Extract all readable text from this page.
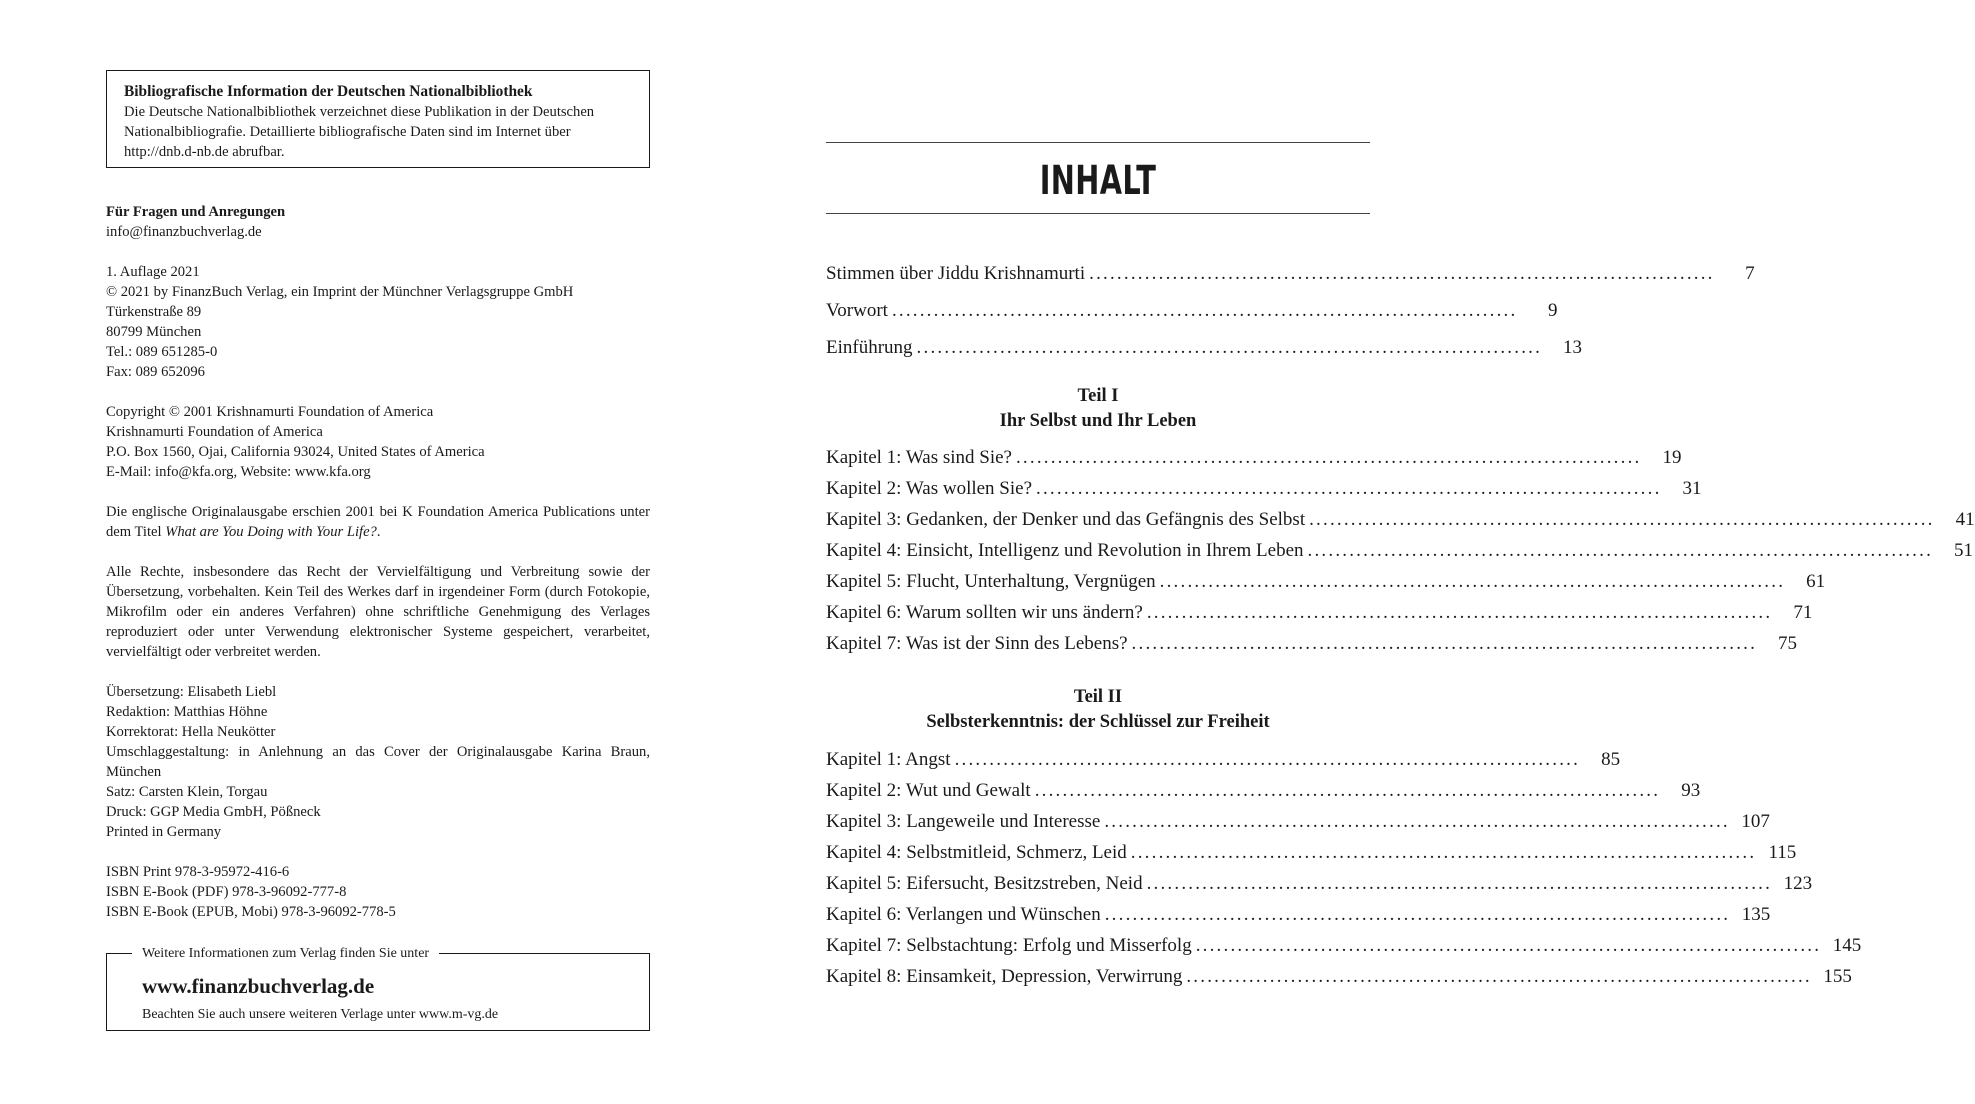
Bibliografische Information der Deutschen Nationalbibliothek
Die Deutsche Nationalbibliothek verzeichnet diese Publikation in der Deutschen
Nationalbibliografie. Detaillierte bibliografische Daten sind im Internet über
http://dnb.d-nb.de abrufbar.

Für Fragen und Anregungen

info@finanzbuchverlag.de

1. Auflage 2021

© 2021 by FinanzBuch Verlag, ein Imprint der Münchner Verlagsgruppe GmbH

Türkenstraße 89

80799 München

Tel.: 089 651285-0

Fax: 089 652096

Copyright © 2001 Krishnamurti Foundation of America

Krishnamurti Foundation of America

P.O. Box 1560, Ojai, California 93024, United States of America

E-Mail: info@kfa.org, Website: www.kfa.org

Die englische Originalausgabe erschien 2001 bei K Foundation America Publications unter dem Titel What are You Doing with Your Life?.

Alle Rechte, insbesondere das Recht der Vervielfältigung und Verbreitung sowie der Übersetzung, vorbehalten. Kein Teil des Werkes darf in irgendeiner Form (durch Fotokopie, Mikrofilm oder ein anderes Verfahren) ohne schriftliche Genehmigung des Verlages reproduziert oder unter Verwendung elektronischer Systeme gespeichert, verarbeitet, vervielfältigt oder verbreitet werden.

Übersetzung: Elisabeth Liebl

Redaktion: Matthias Höhne

Korrektorat: Hella Neukötter

Umschlaggestaltung: in Anlehnung an das Cover der Originalausgabe Karina Braun, München

Satz: Carsten Klein, Torgau

Druck: GGP Media GmbH, Pößneck

Printed in Germany

ISBN Print 978-3-95972-416-6

ISBN E-Book (PDF) 978-3-96092-777-8

ISBN E-Book (EPUB, Mobi) 978-3-96092-778-5

Weitere Informationen zum Verlag finden Sie unter
www.finanzbuchverlag.de
Beachten Sie auch unsere weiteren Verlage unter www.m-vg.de
INHALT
Stimmen über Jiddu Krishnamurti ..........................................................................................	7
Vorwort ..........................................................................................	9
Einführung ..........................................................................................	13
Teil I
Ihr Selbst und Ihr Leben
Kapitel 1: Was sind Sie? ..........................................................................................	19
Kapitel 2: Was wollen Sie? ..........................................................................................	31
Kapitel 3: Gedanken, der Denker und das Gefängnis des Selbst ..........................................................................................	41
Kapitel 4: Einsicht, Intelligenz und Revolution in Ihrem Leben ..........................................................................................	51
Kapitel 5: Flucht, Unterhaltung, Vergnügen ..........................................................................................	61
Kapitel 6: Warum sollten wir uns ändern? ..........................................................................................	71
Kapitel 7: Was ist der Sinn des Lebens? ..........................................................................................	75
Teil II
Selbsterkenntnis: der Schlüssel zur Freiheit
Kapitel 1: Angst ..........................................................................................	85
Kapitel 2: Wut und Gewalt ..........................................................................................	93
Kapitel 3: Langeweile und Interesse .......................................................................................... 107
Kapitel 4: Selbstmitleid, Schmerz, Leid .......................................................................................... 115
Kapitel 5: Eifersucht, Besitzstreben, Neid .......................................................................................... 123
Kapitel 6: Verlangen und Wünschen .......................................................................................... 135
Kapitel 7: Selbstachtung: Erfolg und Misserfolg .......................................................................................... 145
Kapitel 8: Einsamkeit, Depression, Verwirrung .......................................................................................... 155
